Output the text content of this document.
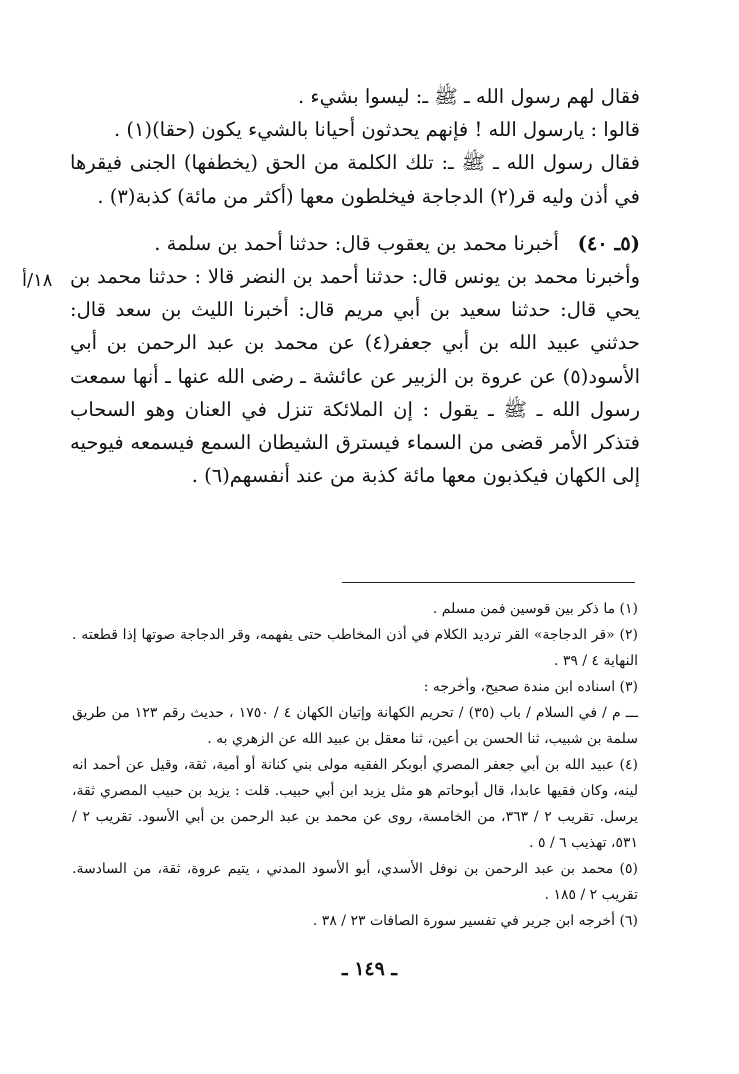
١٨/أ

فقال لهم رسول الله ـ ﷺ ـ: ليسوا بشيء .

قالوا : يارسول الله ! فإنهم يحدثون أحيانا بالشيء يكون (حقا)(١) .

فقال رسول الله ـ ﷺ ـ: تلك الكلمة من الحق (يخطفها) الجنى فيقرها في أذن وليه قر(٢) الدجاجة فيخلطون معها (أكثر من مائة) كذبة(٣) .

(٥ـ ٤٠)   أخبرنا محمد بن يعقوب قال: حدثنا أحمد بن سلمة .

وأخبرنا محمد بن يونس قال: حدثنا أحمد بن النضر قالا : حدثنا محمد بن يحي قال: حدثنا سعيد بن أبي مريم قال: أخبرنا الليث بن سعد قال: حدثني عبيد الله بن أبي جعفر(٤) عن محمد بن عبد الرحمن بن أبي الأسود(٥) عن عروة بن الزبير عن عائشة ـ رضى الله عنها ـ أنها سمعت رسول الله ـ ﷺ ـ يقول : إن الملائكة تنزل في العنان وهو السحاب فتذكر الأمر قضى من السماء فيسترق الشيطان السمع فيسمعه فيوحيه إلى الكهان فيكذبون معها مائة كذبة من عند أنفسهم(٦) .

(١) ما ذكر بين قوسين فمن مسلم .

(٢) «قر الدجاجة» القر ترديد الكلام في أذن المخاطب حتى يفهمه، وقر الدجاجة صوتها إذا قطعته . النهاية ٤ / ٣٩ .

(٣) اسناده ابن مندة صحيح، وأخرجه :

ـــ م / في السلام / باب (٣٥) / تحريم الكهانة وإتيان الكهان ٤ / ١٧٥٠ ، حديث رقم ١٢٣ من طريق سلمة بن شبيب، ثنا الحسن بن أعين، ثنا معقل بن عبيد الله عن الزهري به .

(٤) عبيد الله بن أبي جعفر المصري أبوبكر الفقيه مولى بني كنانة أو أمية، ثقة، وقيل عن أحمد انه لينه، وكان فقيها عابدا، قال أبوحاتم هو مثل يزيد ابن أبي حبيب. قلت : يزيد بن حبيب المصري ثقة، يرسل. تقريب ٢ / ٣٦٣، من الخامسة، روى عن محمد بن عبد الرحمن بن أبي الأسود. تقريب ٢ / ٥٣١، تهذيب ٦ / ٥ .

(٥) محمد بن عبد الرحمن بن نوفل الأسدي، أبو الأسود المدني ، يتيم عروة، ثقة، من السادسة. تقريب ٢ / ١٨٥ .

(٦) أخرجه ابن جرير في تفسير سورة الصافات ٢٣ / ٣٨ .

ـ ١٤٩ ـ
